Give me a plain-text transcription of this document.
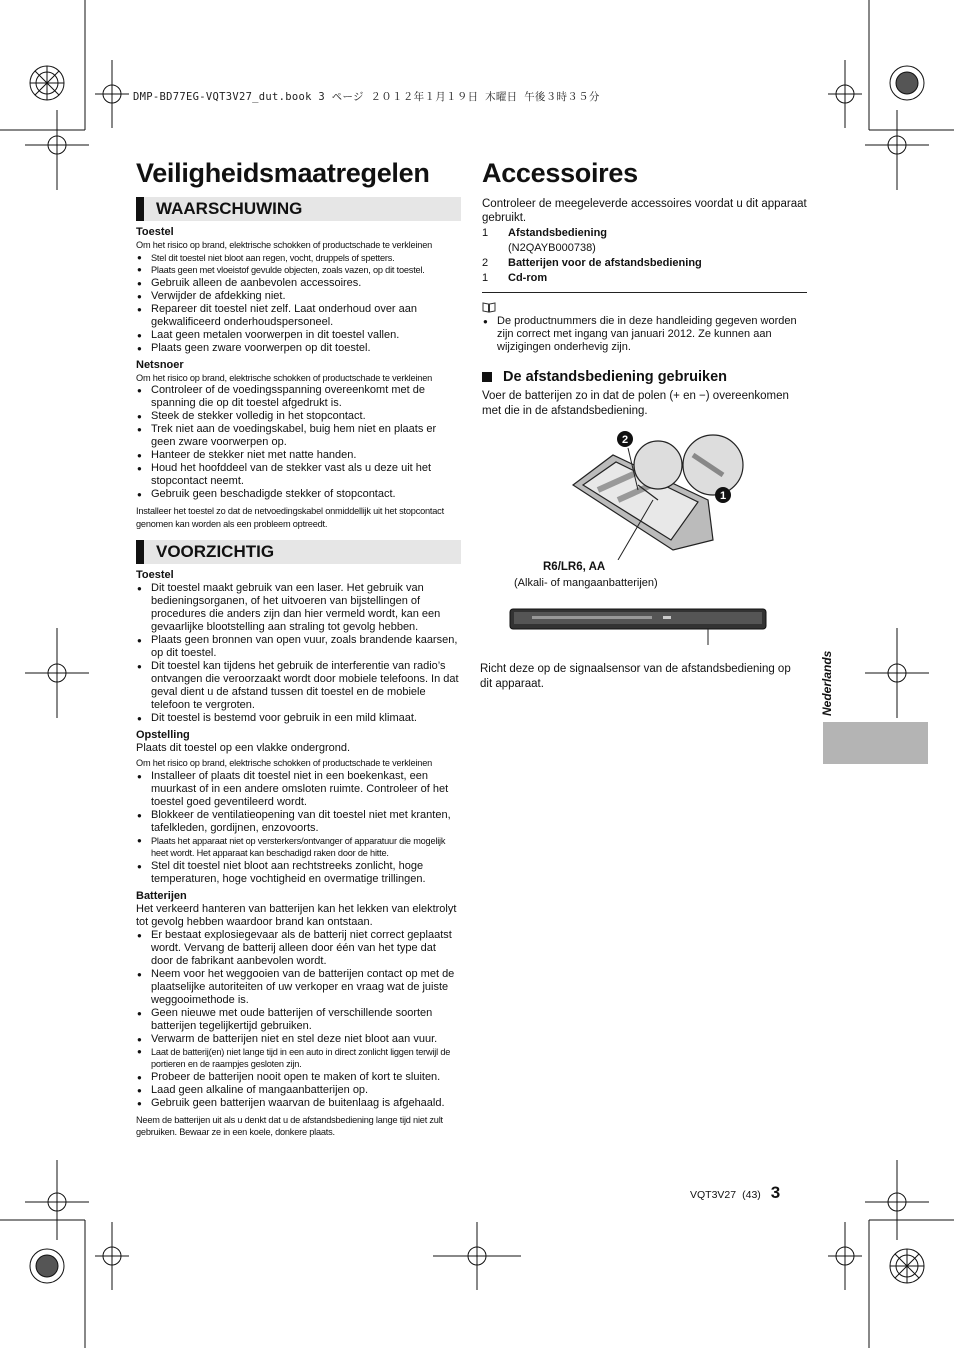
DMP-BD77EG-VQT3V27_dut.book 3 ページ ２０１２年１月１９日 木曜日 午後３時３５分
Veiligheidsmaatregelen
WAARSCHUWING
Toestel
Om het risico op brand, elektrische schokken of productschade te verkleinen
● Stel dit toestel niet bloot aan regen, vocht, druppels of spetters.
● Plaats geen met vloeistof gevulde objecten, zoals vazen, op dit toestel.
● Gebruik alleen de aanbevolen accessoires.
● Verwijder de afdekking niet.
● Repareer dit toestel niet zelf. Laat onderhoud over aan gekwalificeerd onderhoudspersoneel.
● Laat geen metalen voorwerpen in dit toestel vallen.
● Plaats geen zware voorwerpen op dit toestel.
Netsnoer
Om het risico op brand, elektrische schokken of productschade te verkleinen
● Controleer of de voedingsspanning overeenkomt met de spanning die op dit toestel afgedrukt is.
● Steek de stekker volledig in het stopcontact.
● Trek niet aan de voedingskabel, buig hem niet en plaats er geen zware voorwerpen op.
● Hanteer de stekker niet met natte handen.
● Houd het hoofddeel van de stekker vast als u deze uit het stopcontact neemt.
● Gebruik geen beschadigde stekker of stopcontact.
Installeer het toestel zo dat de netvoedingskabel onmiddellijk uit het stopcontact genomen kan worden als een probleem optreedt.
VOORZICHTIG
Toestel
● Dit toestel maakt gebruik van een laser. Het gebruik van bedieningsorganen, of het uitvoeren van bijstellingen of procedures die anders zijn dan hier vermeld wordt, kan een gevaarlijke blootstelling aan straling tot gevolg hebben.
● Plaats geen bronnen van open vuur, zoals brandende kaarsen, op dit toestel.
● Dit toestel kan tijdens het gebruik de interferentie van radio’s ontvangen die veroorzaakt wordt door mobiele telefoons. In dat geval dient u de afstand tussen dit toestel en de mobiele telefoon te vergroten.
● Dit toestel is bestemd voor gebruik in een mild klimaat.
Opstelling
Plaats dit toestel op een vlakke ondergrond.
Om het risico op brand, elektrische schokken of productschade te verkleinen
● Installeer of plaats dit toestel niet in een boekenkast, een muurkast of in een andere omsloten ruimte. Controleer of het toestel goed geventileerd wordt.
● Blokkeer de ventilatieopening van dit toestel niet met kranten, tafelkleden, gordijnen, enzovoorts.
● Plaats het apparaat niet op versterkers/ontvanger of apparatuur die mogelijk heet wordt. Het apparaat kan beschadigd raken door de hitte.
● Stel dit toestel niet bloot aan rechtstreeks zonlicht, hoge temperaturen, hoge vochtigheid en overmatige trillingen.
Batterijen
Het verkeerd hanteren van batterijen kan het lekken van elektrolyt tot gevolg hebben waardoor brand kan ontstaan.
● Er bestaat explosiegevaar als de batterij niet correct geplaatst wordt. Vervang de batterij alleen door één van het type dat door de fabrikant aanbevolen wordt.
● Neem voor het weggooien van de batterijen contact op met de plaatselijke autoriteiten of uw verkoper en vraag wat de juiste weggooimethode is.
● Geen nieuwe met oude batterijen of verschillende soorten batterijen tegelijkertijd gebruiken.
● Verwarm de batterijen niet en stel deze niet bloot aan vuur.
● Laat de batterij(en) niet lange tijd in een auto in direct zonlicht liggen terwijl de portieren en de raampjes gesloten zijn.
● Probeer de batterijen nooit open te maken of kort te sluiten.
● Laad geen alkaline of mangaanbatterijen op.
● Gebruik geen batterijen waarvan de buitenlaag is afgehaald.
Neem de batterijen uit als u denkt dat u de afstandsbediening lange tijd niet zult gebruiken. Bewaar ze in een koele, donkere plaats.
Accessoires
Controleer de meegeleverde accessoires voordat u dit apparaat gebruikt.
1	Afstandsbediening
(N2QAYB000738)
2	Batterijen voor de afstandsbediening
1	Cd-rom
● De productnummers die in deze handleiding gegeven worden zijn correct met ingang van januari 2012. Ze kunnen aan wijzigingen onderhevig zijn.
De afstandsbediening gebruiken
Voer de batterijen zo in dat de polen (+ en −) overeenkomen met die in de afstandsbediening.
2
1
R6/LR6, AA
(Alkali- of mangaanbatterijen)
Richt deze op de signaalsensor van de afstandsbediening op dit apparaat.	Nederlands
VQT3V27 (43) 3
